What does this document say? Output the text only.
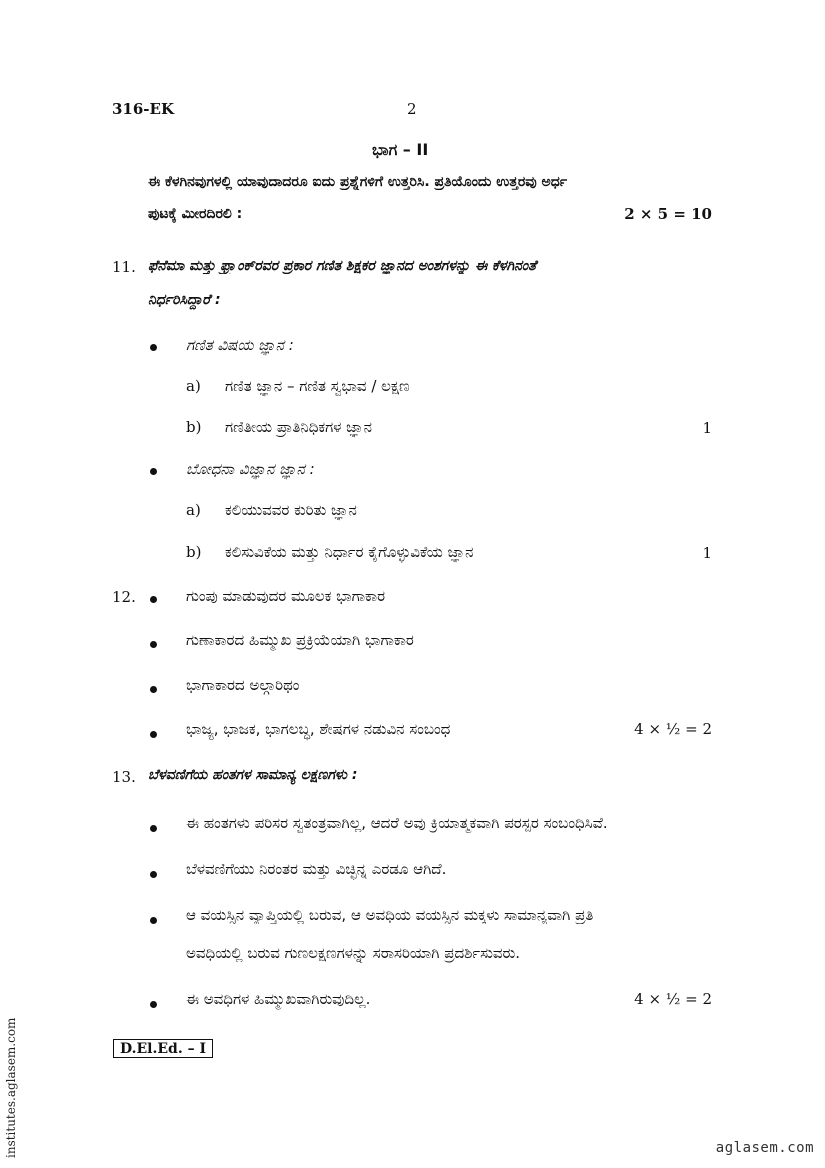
316-EK	2
ಭಾಗ – II
ಈ ಕೆಳಗಿನವುಗಳಲ್ಲಿ ಯಾವುದಾದರೂ ಐದು ಪ್ರಶ್ನೆಗಳಿಗೆ ಉತ್ತರಿಸಿ. ಪ್ರತಿಯೊಂದು ಉತ್ತರವು ಅರ್ಧ
ಪುಟಕ್ಕೆ ಮೀರದಿರಲಿ :	2 × 5 = 10
11. ಫೆನೆಮಾ ಮತ್ತು ಫ್ರ್ಯಾಂಕ್‌ರವರ ಪ್ರಕಾರ ಗಣಿತ ಶಿಕ್ಷಕರ ಜ್ಞಾನದ ಅಂಶಗಳನ್ನು ಈ ಕೆಳಗಿನಂತೆ
ನಿರ್ಧರಿಸಿದ್ದಾರೆ :
ಗಣಿತ ವಿಷಯ ಜ್ಞಾನ :
a) ಗಣಿತ ಜ್ಞಾನ – ಗಣಿತ ಸ್ವಭಾವ / ಲಕ್ಷಣ
b) ಗಣಿತೀಯ ಪ್ರಾತಿನಿಧಿಕಗಳ ಜ್ಞಾನ	1
ಬೋಧನಾ ವಿಜ್ಞಾನ ಜ್ಞಾನ :
a) ಕಲಿಯುವವರ ಕುರಿತು ಜ್ಞಾನ
b) ಕಲಿಸುವಿಕೆಯ ಮತ್ತು ನಿರ್ಧಾರ ಕೈಗೊಳ್ಳುವಿಕೆಯ ಜ್ಞಾನ	1
12.	ಗುಂಪು ಮಾಡುವುದರ ಮೂಲಕ ಭಾಗಾಕಾರ
ಗುಣಾಕಾರದ ಹಿಮ್ಮುಖ ಪ್ರಕ್ರಿಯೆಯಾಗಿ ಭಾಗಾಕಾರ
ಭಾಗಾಕಾರದ ಅಲ್ಗಾರಿಥಂ
ಭಾಜ್ಯ, ಭಾಜಕ, ಭಾಗಲಬ್ಧ, ಶೇಷಗಳ ನಡುವಿನ ಸಂಬಂಧ	4 × ½ = 2
13. ಬೆಳವಣಿಗೆಯ ಹಂತಗಳ ಸಾಮಾನ್ಯ ಲಕ್ಷಣಗಳು :
ಈ ಹಂತಗಳು ಪರಿಸರ ಸ್ವತಂತ್ರವಾಗಿಲ್ಲ, ಆದರೆ ಅವು ಕ್ರಿಯಾತ್ಮಕವಾಗಿ ಪರಸ್ಪರ ಸಂಬಂಧಿಸಿವೆ.
ಬೆಳವಣಿಗೆಯು ನಿರಂತರ ಮತ್ತು ವಿಚ್ಛಿನ್ನ ಎರಡೂ ಆಗಿದೆ.
ಆ ವಯಸ್ಸಿನ ವ್ಯಾಪ್ತಿಯಲ್ಲಿ ಬರುವ, ಆ ಅವಧಿಯ ವಯಸ್ಸಿನ ಮಕ್ಕಳು ಸಾಮಾನ್ಯವಾಗಿ ಪ್ರತಿ
ಅವಧಿಯಲ್ಲಿ ಬರುವ ಗುಣಲಕ್ಷಣಗಳನ್ನು ಸರಾಸರಿಯಾಗಿ ಪ್ರದರ್ಶಿಸುವರು.
ಈ ಅವಧಿಗಳ ಹಿಮ್ಮುಖವಾಗಿರುವುದಿಲ್ಲ.	4 × ½ = 2
D.El.Ed. – I
institutes.aglasem.com	aglasem.com
